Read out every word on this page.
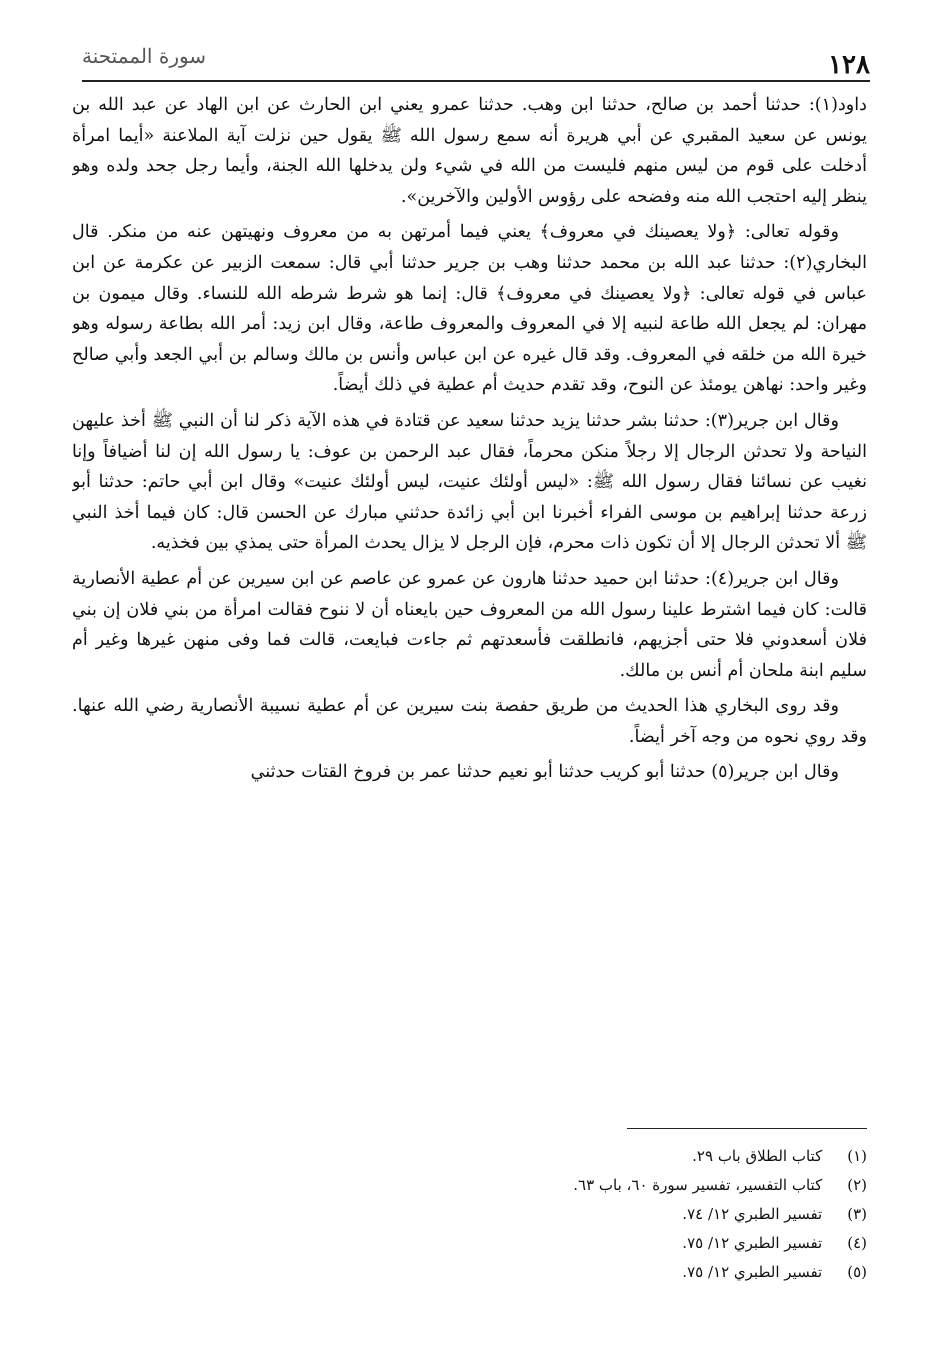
١٢٨
سورة الممتحنة

داود(١): حدثنا أحمد بن صالح، حدثنا ابن وهب. حدثنا عمرو يعني ابن الحارث عن ابن الهاد عن عبد الله بن يونس عن سعيد المقبري عن أبي هريرة أنه سمع رسول الله ﷺ يقول حين نزلت آية الملاعنة «أيما امرأة أدخلت على قوم من ليس منهم فليست من الله في شيء ولن يدخلها الله الجنة، وأيما رجل جحد ولده وهو ينظر إليه احتجب الله منه وفضحه على رؤوس الأولين والآخرين».

وقوله تعالى: ﴿ولا يعصينك في معروف﴾ يعني فيما أمرتهن به من معروف ونهيتهن عنه من منكر. قال البخاري(٢): حدثنا عبد الله بن محمد حدثنا وهب بن جرير حدثنا أبي قال: سمعت الزبير عن عكرمة عن ابن عباس في قوله تعالى: ﴿ولا يعصينك في معروف﴾ قال: إنما هو شرط شرطه الله للنساء. وقال ميمون بن مهران: لم يجعل الله طاعة لنبيه إلا في المعروف والمعروف طاعة، وقال ابن زيد: أمر الله بطاعة رسوله وهو خيرة الله من خلقه في المعروف. وقد قال غيره عن ابن عباس وأنس بن مالك وسالم بن أبي الجعد وأبي صالح وغير واحد: نهاهن يومئذ عن النوح، وقد تقدم حديث أم عطية في ذلك أيضاً.

وقال ابن جرير(٣): حدثنا بشر حدثنا يزيد حدثنا سعيد عن قتادة في هذه الآية ذكر لنا أن النبي ﷺ أخذ عليهن النياحة ولا تحدثن الرجال إلا رجلاً منكن محرماً، فقال عبد الرحمن بن عوف: يا رسول الله إن لنا أضيافاً وإنا نغيب عن نسائنا فقال رسول الله ﷺ: «ليس أولئك عنيت، ليس أولئك عنيت» وقال ابن أبي حاتم: حدثنا أبو زرعة حدثنا إبراهيم بن موسى الفراء أخبرنا ابن أبي زائدة حدثني مبارك عن الحسن قال: كان فيما أخذ النبي ﷺ ألا تحدثن الرجال إلا أن تكون ذات محرم، فإن الرجل لا يزال يحدث المرأة حتى يمذي بين فخذيه.

وقال ابن جرير(٤): حدثنا ابن حميد حدثنا هارون عن عمرو عن عاصم عن ابن سيرين عن أم عطية الأنصارية قالت: كان فيما اشترط علينا رسول الله من المعروف حين بايعناه أن لا ننوح فقالت امرأة من بني فلان إن بني فلان أسعدوني فلا حتى أجزيهم، فانطلقت فأسعدتهم ثم جاءت فبايعت، قالت فما وفى منهن غيرها وغير أم سليم ابنة ملحان أم أنس بن مالك.

وقد روى البخاري هذا الحديث من طريق حفصة بنت سيرين عن أم عطية نسيبة الأنصارية رضي الله عنها. وقد روي نحوه من وجه آخر أيضاً.

وقال ابن جرير(٥) حدثنا أبو كريب حدثنا أبو نعيم حدثنا عمر بن فروخ القتات حدثني

(١) كتاب الطلاق باب ٢٩.
(٢) كتاب التفسير، تفسير سورة ٦٠، باب ٦٣.
(٣) تفسير الطبري ١٢/ ٧٤.
(٤) تفسير الطبري ١٢/ ٧٥.
(٥) تفسير الطبري ١٢/ ٧٥.
